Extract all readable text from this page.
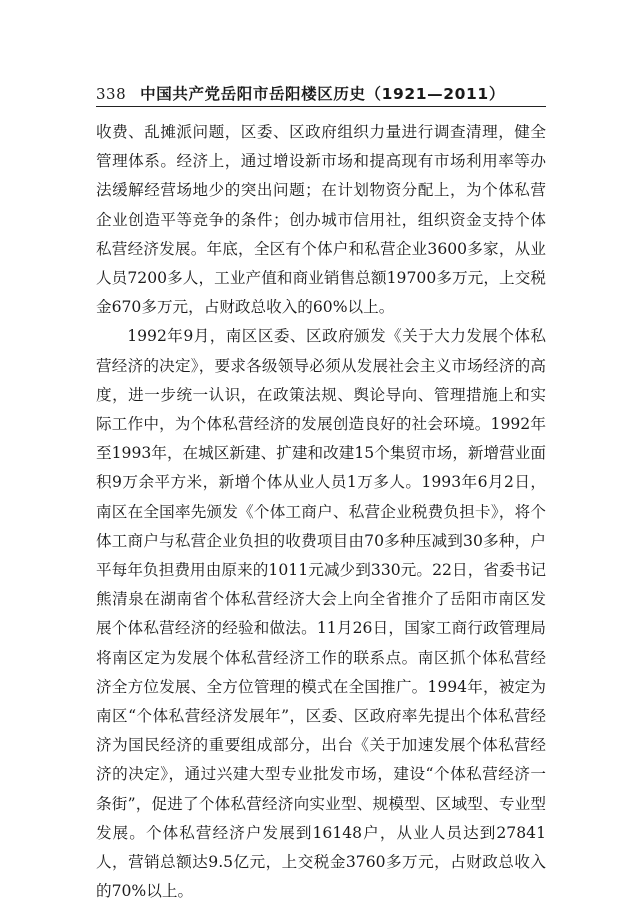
338 中国共产党岳阳市岳阳楼区历史（1921—2011）

收费、乱摊派问题，区委、区政府组织力量进行调查清理，健全管理体系。经济上，通过增设新市场和提高现有市场利用率等办法缓解经营场地少的突出问题；在计划物资分配上，为个体私营企业创造平等竞争的条件；创办城市信用社，组织资金支持个体私营经济发展。年底，全区有个体户和私营企业3600多家，从业人员7200多人，工业产值和商业销售总额19700多万元，上交税金670多万元，占财政总收入的60%以上。

1992年9月，南区区委、区政府颁发《关于大力发展个体私营经济的决定》，要求各级领导必须从发展社会主义市场经济的高度，进一步统一认识，在政策法规、舆论导向、管理措施上和实际工作中，为个体私营经济的发展创造良好的社会环境。1992年至1993年，在城区新建、扩建和改建15个集贸市场，新增营业面积9万余平方米，新增个体从业人员1万多人。1993年6月2日，南区在全国率先颁发《个体工商户、私营企业税费负担卡》，将个体工商户与私营企业负担的收费项目由70多种压减到30多种，户平每年负担费用由原来的1011元减少到330元。22日，省委书记熊清泉在湖南省个体私营经济大会上向全省推介了岳阳市南区发展个体私营经济的经验和做法。11月26日，国家工商行政管理局将南区定为发展个体私营经济工作的联系点。南区抓个体私营经济全方位发展、全方位管理的模式在全国推广。1994年，被定为南区“个体私营经济发展年”，区委、区政府率先提出个体私营经济为国民经济的重要组成部分，出台《关于加速发展个体私营经济的决定》，通过兴建大型专业批发市场，建设“个体私营经济一条街”，促进了个体私营经济向实业型、规模型、区域型、专业型发展。个体私营经济户发展到16148户，从业人员达到27841人，营销总额达9.5亿元，上交税金3760多万元，占财政总收入的70%以上。
